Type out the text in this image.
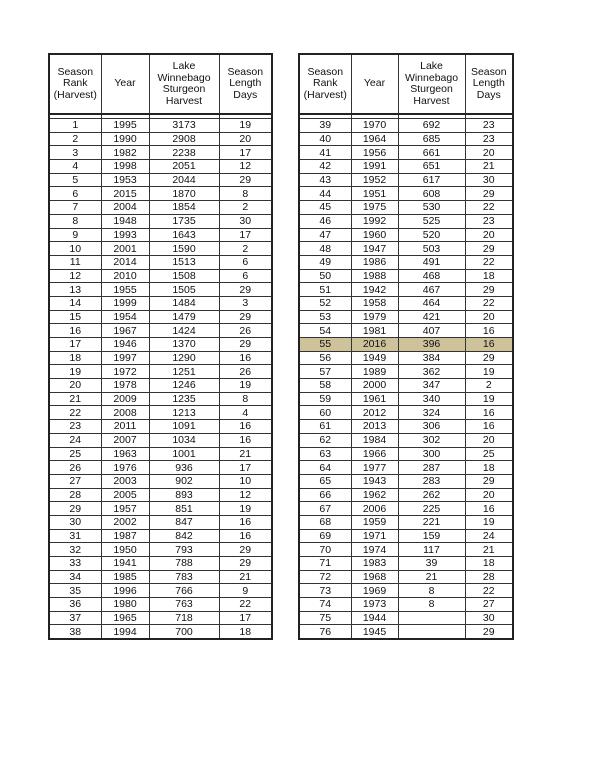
Season Rank (Harvest)	Year	Lake Winnebago Sturgeon Harvest	Season Length Days

1	1995	3173	19
2	1990	2908	20
3	1982	2238	17
4	1998	2051	12
5	1953	2044	29
6	2015	1870	8
7	2004	1854	2
8	1948	1735	30
9	1993	1643	17
10	2001	1590	2
11	2014	1513	6
12	2010	1508	6
13	1955	1505	29
14	1999	1484	3
15	1954	1479	29
16	1967	1424	26
17	1946	1370	29
18	1997	1290	16
19	1972	1251	26
20	1978	1246	19
21	2009	1235	8
22	2008	1213	4
23	2011	1091	16
24	2007	1034	16
25	1963	1001	21
26	1976	936	17
27	2003	902	10
28	2005	893	12
29	1957	851	19
30	2002	847	16
31	1987	842	16
32	1950	793	29
33	1941	788	29
34	1985	783	21
35	1996	766	9
36	1980	763	22
37	1965	718	17
38	1994	700	18
Season Rank (Harvest)	Year	Lake Winnebago Sturgeon Harvest	Season Length Days

39	1970	692	23
40	1964	685	23
41	1956	661	20
42	1991	651	21
43	1952	617	30
44	1951	608	29
45	1975	530	22
46	1992	525	23
47	1960	520	20
48	1947	503	29
49	1986	491	22
50	1988	468	18
51	1942	467	29
52	1958	464	22
53	1979	421	20
54	1981	407	16
55	2016	396	16
56	1949	384	29
57	1989	362	19
58	2000	347	2
59	1961	340	19
60	2012	324	16
61	2013	306	16
62	1984	302	20
63	1966	300	25
64	1977	287	18
65	1943	283	29
66	1962	262	20
67	2006	225	16
68	1959	221	19
69	1971	159	24
70	1974	117	21
71	1983	39	18
72	1968	21	28
73	1969	8	22
74	1973	8	27
75	1944		30
76	1945		29
